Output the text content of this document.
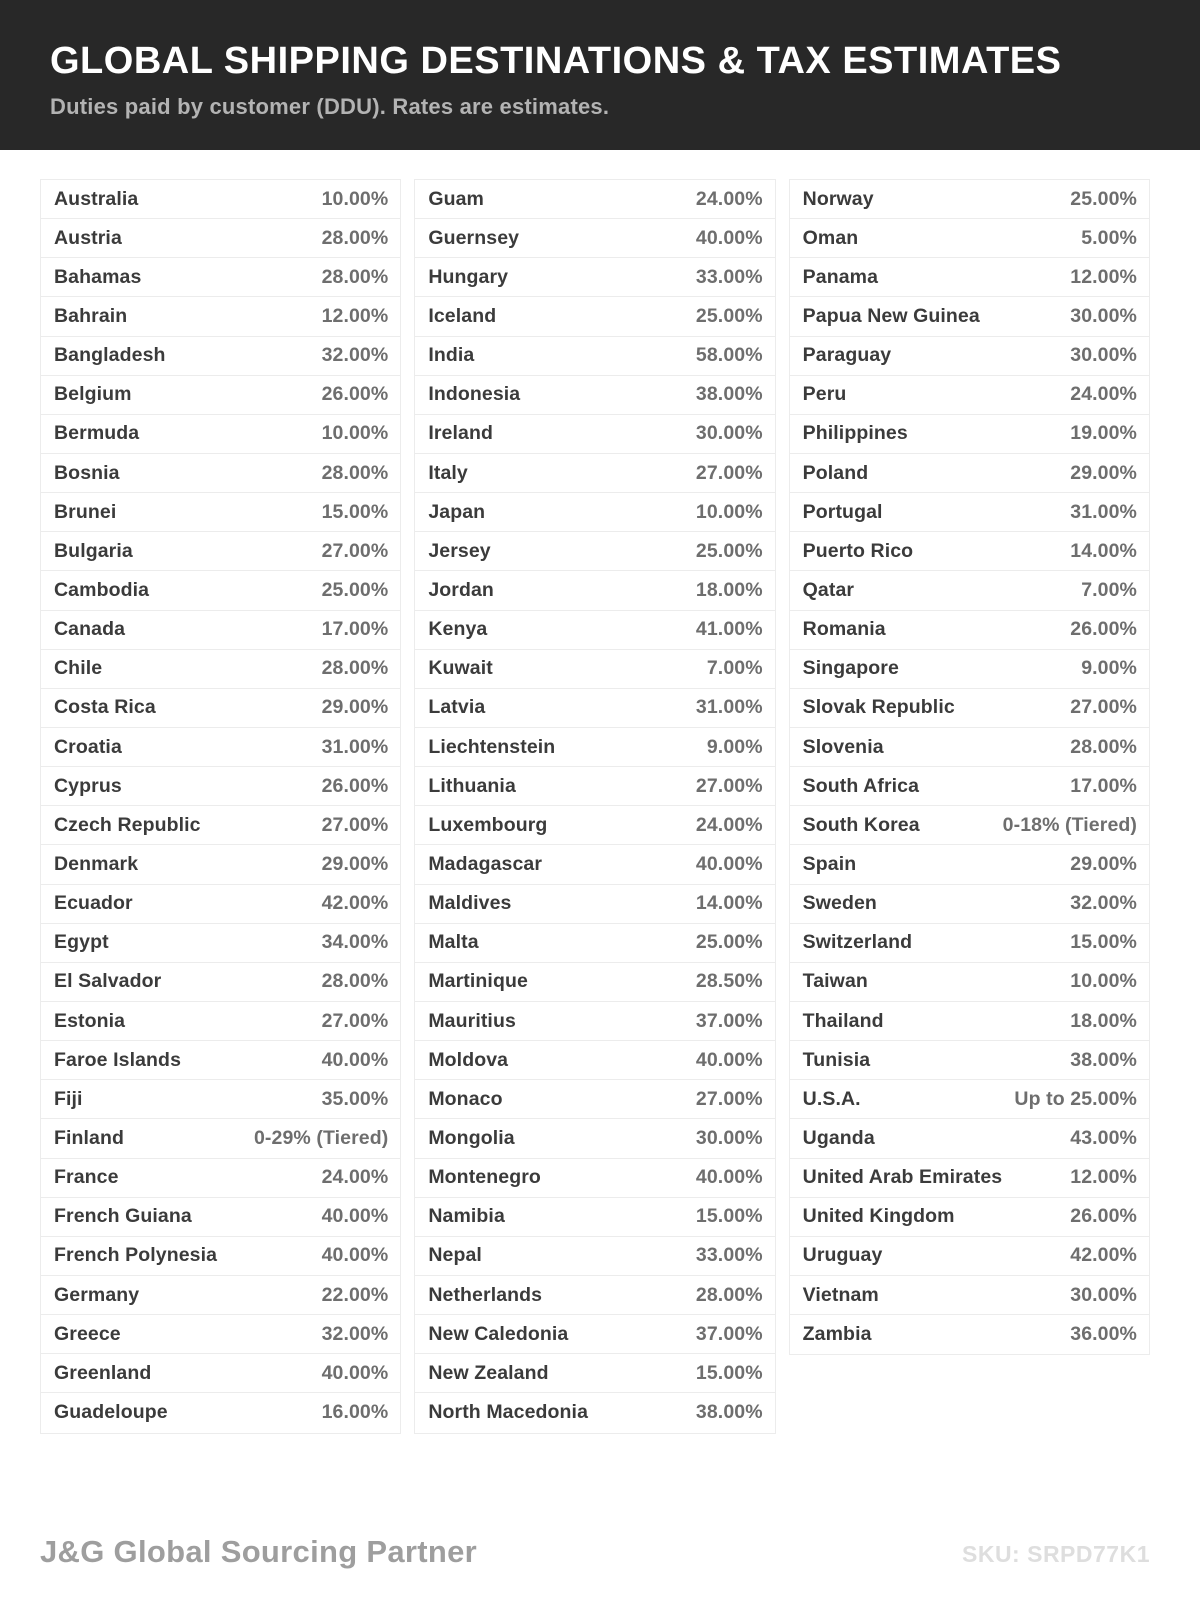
GLOBAL SHIPPING DESTINATIONS & TAX ESTIMATES
Duties paid by customer (DDU). Rates are estimates.
Australia	10.00%
Austria	28.00%
Bahamas	28.00%
Bahrain	12.00%
Bangladesh	32.00%
Belgium	26.00%
Bermuda	10.00%
Bosnia	28.00%
Brunei	15.00%
Bulgaria	27.00%
Cambodia	25.00%
Canada	17.00%
Chile	28.00%
Costa Rica	29.00%
Croatia	31.00%
Cyprus	26.00%
Czech Republic	27.00%
Denmark	29.00%
Ecuador	42.00%
Egypt	34.00%
El Salvador	28.00%
Estonia	27.00%
Faroe Islands	40.00%
Fiji	35.00%
Finland	0-29% (Tiered)
France	24.00%
French Guiana	40.00%
French Polynesia	40.00%
Germany	22.00%
Greece	32.00%
Greenland	40.00%
Guadeloupe	16.00%
Guam	24.00%
Guernsey	40.00%
Hungary	33.00%
Iceland	25.00%
India	58.00%
Indonesia	38.00%
Ireland	30.00%
Italy	27.00%
Japan	10.00%
Jersey	25.00%
Jordan	18.00%
Kenya	41.00%
Kuwait	7.00%
Latvia	31.00%
Liechtenstein	9.00%
Lithuania	27.00%
Luxembourg	24.00%
Madagascar	40.00%
Maldives	14.00%
Malta	25.00%
Martinique	28.50%
Mauritius	37.00%
Moldova	40.00%
Monaco	27.00%
Mongolia	30.00%
Montenegro	40.00%
Namibia	15.00%
Nepal	33.00%
Netherlands	28.00%
New Caledonia	37.00%
New Zealand	15.00%
North Macedonia	38.00%
Norway	25.00%
Oman	5.00%
Panama	12.00%
Papua New Guinea	30.00%
Paraguay	30.00%
Peru	24.00%
Philippines	19.00%
Poland	29.00%
Portugal	31.00%
Puerto Rico	14.00%
Qatar	7.00%
Romania	26.00%
Singapore	9.00%
Slovak Republic	27.00%
Slovenia	28.00%
South Africa	17.00%
South Korea	0-18% (Tiered)
Spain	29.00%
Sweden	32.00%
Switzerland	15.00%
Taiwan	10.00%
Thailand	18.00%
Tunisia	38.00%
U.S.A.	Up to 25.00%
Uganda	43.00%
United Arab Emirates	12.00%
United Kingdom	26.00%
Uruguay	42.00%
Vietnam	30.00%
Zambia	36.00%
J&G Global Sourcing Partner	SKU: SRPD77K1
